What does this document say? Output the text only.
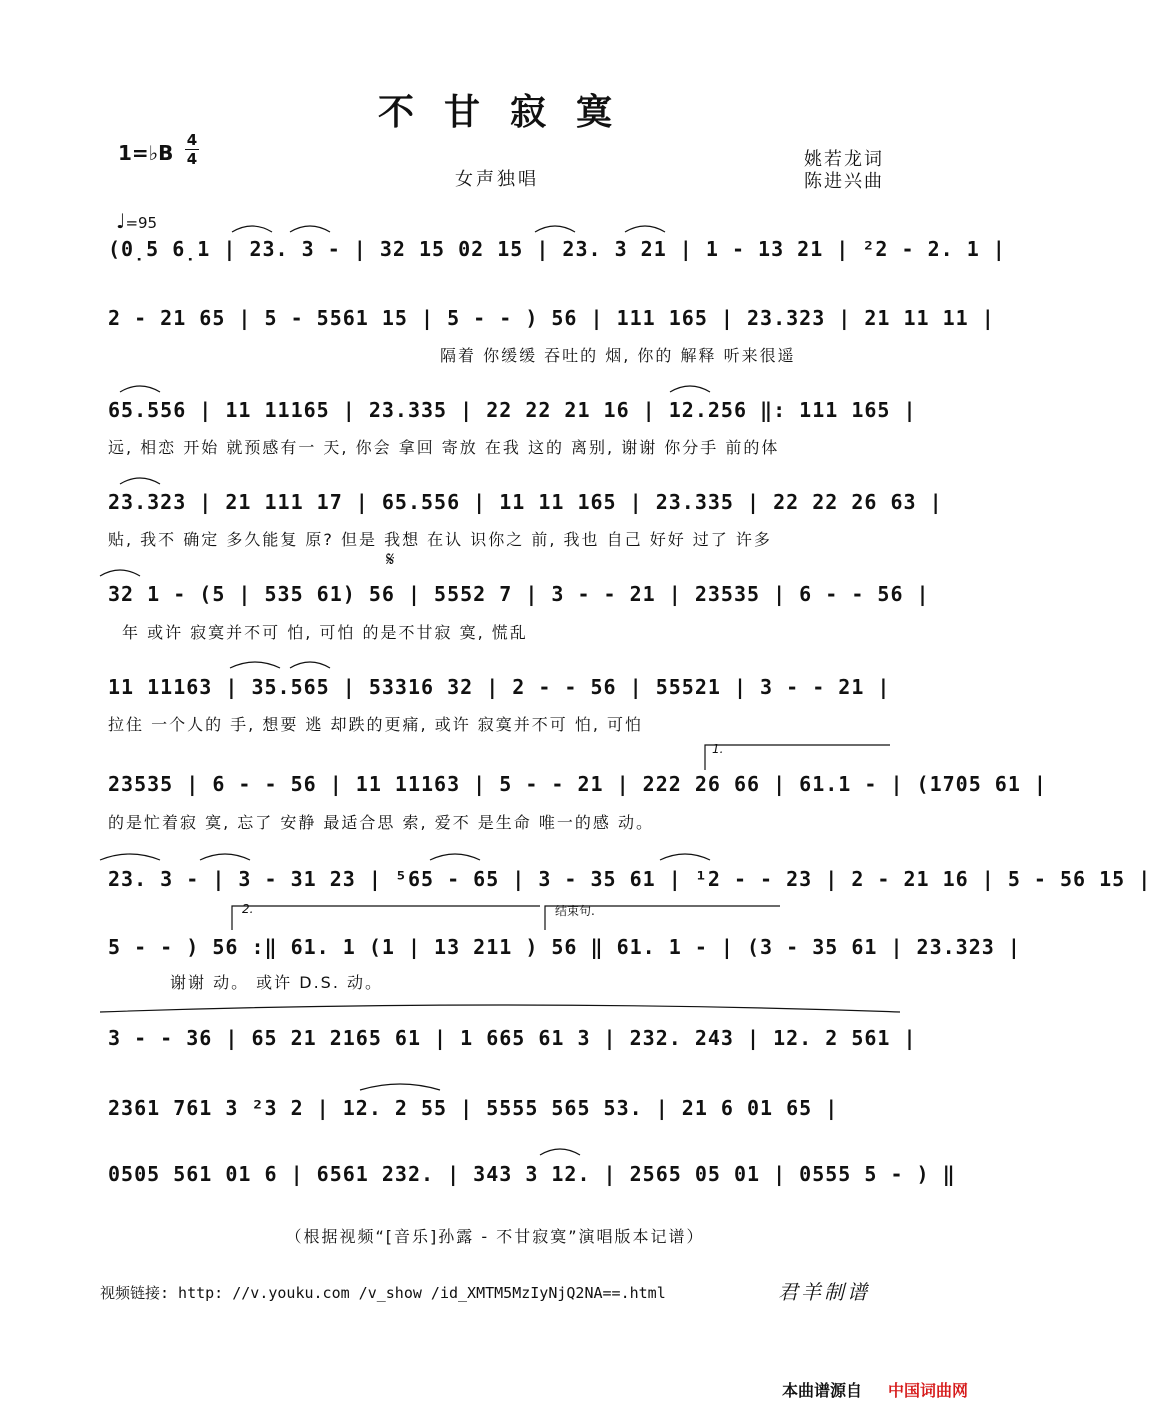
不甘寂寞
1=♭B
4
4	姚若龙词
陈进兴曲
女声独唱
♩=95
𝄋
1.
2.	结束句.
(0̣5 6̣1 | 23. 3 - | 32 15 02 15 | 23. 3 21 | 1 - 13 21 | ²2 - 2. 1 |
2 - 21 65 | 5 - 5561 15 | 5 - - ) 56 | 111 165 | 23.323 | 21 11 11 |
隔着 你缓缓 吞吐的 烟, 你的 解释 听来很遥
65.556 | 11 11165 | 23.335 | 22 22 21 16 | 12.256 ‖: 111 165 |
远, 相恋 开始 就预感有一 天, 你会 拿回 寄放 在我 这的 离别, 谢谢 你分手 前的体
23.323 | 21 111 17 | 65.556 | 11 11 165 | 23.335 | 22 22 26 63 |
贴, 我不 确定 多久能复 原? 但是 我想 在认 识你之 前, 我也 自己 好好 过了 许多
32 1 - (5 | 535 61) 56 | 5552 7 | 3 - - 21 | 23535 | 6 - - 56 |
年 或许 寂寞并不可 怕, 可怕 的是不甘寂 寞, 慌乱
11 11163 | 35.565 | 53316 32 | 2 - - 56 | 55521 | 3 - - 21 |
拉住 一个人的 手, 想要 逃 却跌的更痛, 或许 寂寞并不可 怕, 可怕
23535 | 6 - - 56 | 11 11163 | 5 - - 21 | 222 26 66 | 61.1 - | (1705 61 |
的是忙着寂 寞, 忘了 安静 最适合思 索, 爱不 是生命 唯一的感 动。
23. 3 - | 3 - 31 23 | ⁵65 - 65 | 3 - 35 61 | ¹2 - - 23 | 2 - 21 16 | 5 - 56 15 |
5 - - ) 56 :‖ 61. 1 (1 | 13 211 ) 56 ‖ 61. 1 - | (3 - 35 61 | 23.323 |
谢谢 动。 或许 D.S. 动。
3 - - 36 | 65 21 2165 61 | 1 665 61 3 | 232. 243 | 12. 2 561 |
2361 761 3 ²3 2 | 12. 2 55 | 5555 565 53. | 21 6 01 65 |
0505 561 01 6 | 6561 232. | 343 3 12. | 2565 05 01 | 0555 5 - ) ‖
（根据视频“[音乐]孙露 - 不甘寂寞”演唱版本记谱）
视频链接: http: //v.youku.com /v_show /id_XMTM5MzIyNjQ2NA==.html	君羊制谱
本曲谱源自 中国词曲网
